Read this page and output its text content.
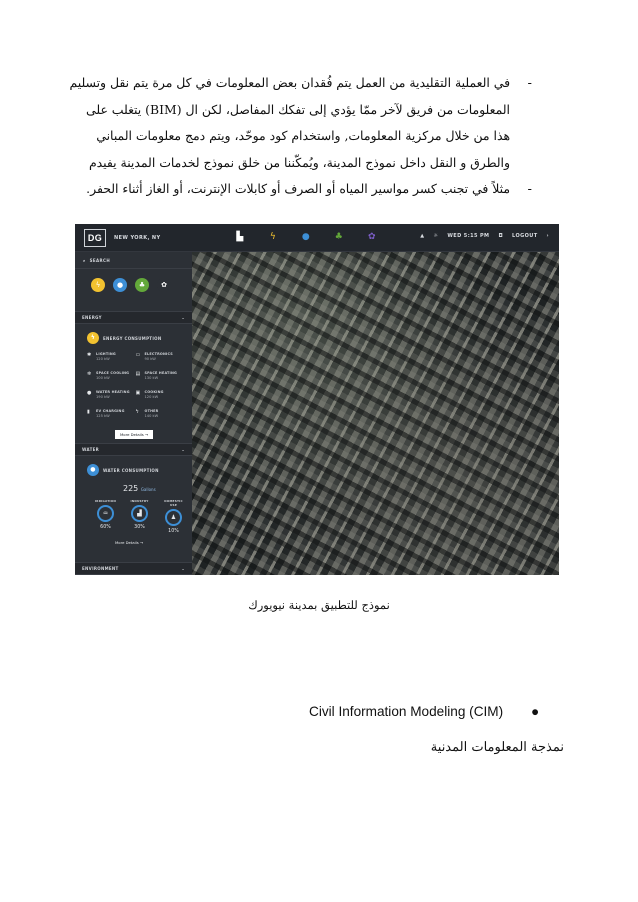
-
في العملية التقليدية من العمل يتم فُقدان بعض المعلومات في كل مرة يتم نقل وتسليم
المعلومات من فريق لآخر ممّا يؤدي إلى تفكك المفاصل، لكن ال (BIM) يتغلب على
هذا من خلال مركزية المعلومات, واستخدام كود موحّد، ويتم دمج معلومات المباني
والطرق و النقل داخل نموذج المدينة، ويُمكّننا من خلق نموذج لخدمات المدينة يفيدم
-
مثلاً في تجنب كسر مواسير المياه أو الصرف أو كابلات الإنترنت، أو الغاز أثناء الحفر.
DG	NEW YORK, NY	▙	ϟ	●	♣	✿	▲ ☼ WED 5:15 PM ◘ LOGOUT ›
⌕ SEARCH
ϟ	●	♣	✿
ENERGY	⌄
ϟ	ENERGY CONSUMPTION
✱	LIGHTING
120 kW
▭	ELECTRONICS
90 kW
❄	SPACE COOLING
100 kW
▤	SPACE HEATING
130 kW
●	WATER HEATING
190 kW
▣	COOKING
120 kW
▮	EV CHARGING
125 kW
ϟ	OTHER
140 kW
More Details →
WATER	⌄
●	WATER CONSUMPTION
225 Gallons
IRRIGATION
♒
60%
INDUSTRY
▟
30%
DOMESTIC USE
♟
10%
More Details →
ENVIRONMENT	⌄
نموذج للتطبيق بمدينة نيويورك
●
Civil Information Modeling (CIM)
نمذجة المعلومات المدنية
